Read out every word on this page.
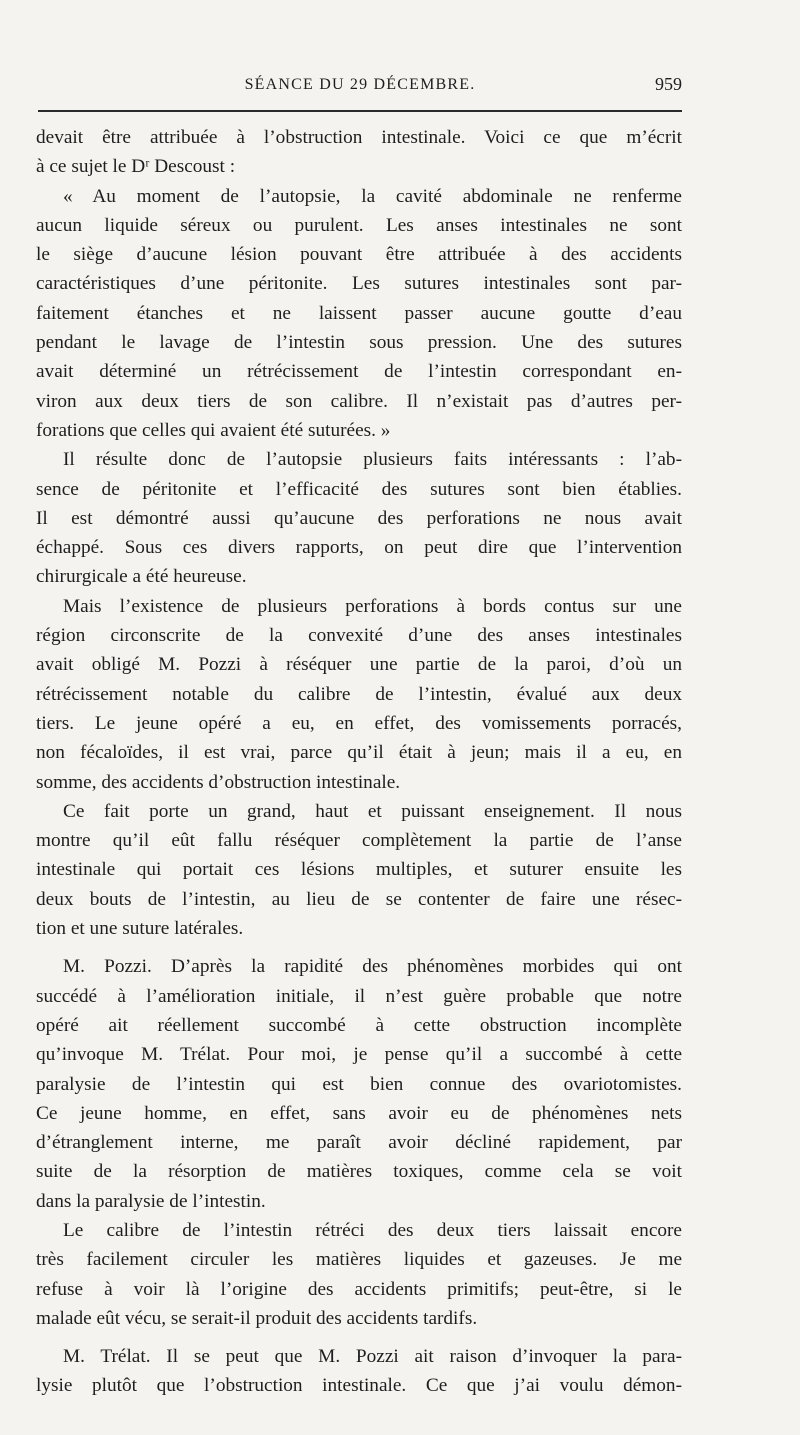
SÉANCE DU 29 DÉCEMBRE.	959
devait être attribuée à l’obstruction intestinale. Voici ce que m’écrit
à ce sujet le Dʳ Descoust :
« Au moment de l’autopsie, la cavité abdominale ne renferme
aucun liquide séreux ou purulent. Les anses intestinales ne sont
le siège d’aucune lésion pouvant être attribuée à des accidents
caractéristiques d’une péritonite. Les sutures intestinales sont par-
faitement étanches et ne laissent passer aucune goutte d’eau
pendant le lavage de l’intestin sous pression. Une des sutures
avait déterminé un rétrécissement de l’intestin correspondant en-
viron aux deux tiers de son calibre. Il n’existait pas d’autres per-
forations que celles qui avaient été suturées. »
Il résulte donc de l’autopsie plusieurs faits intéressants : l’ab-
sence de péritonite et l’efficacité des sutures sont bien établies.
Il est démontré aussi qu’aucune des perforations ne nous avait
échappé. Sous ces divers rapports, on peut dire que l’intervention
chirurgicale a été heureuse.
Mais l’existence de plusieurs perforations à bords contus sur une
région circonscrite de la convexité d’une des anses intestinales
avait obligé M. Pozzi à réséquer une partie de la paroi, d’où un
rétrécissement notable du calibre de l’intestin, évalué aux deux
tiers. Le jeune opéré a eu, en effet, des vomissements porracés,
non fécaloïdes, il est vrai, parce qu’il était à jeun; mais il a eu, en
somme, des accidents d’obstruction intestinale.
Ce fait porte un grand, haut et puissant enseignement. Il nous
montre qu’il eût fallu réséquer complètement la partie de l’anse
intestinale qui portait ces lésions multiples, et suturer ensuite les
deux bouts de l’intestin, au lieu de se contenter de faire une résec-
tion et une suture latérales.
M. Pozzi. D’après la rapidité des phénomènes morbides qui ont
succédé à l’amélioration initiale, il n’est guère probable que notre
opéré ait réellement succombé à cette obstruction incomplète
qu’invoque M. Trélat. Pour moi, je pense qu’il a succombé à cette
paralysie de l’intestin qui est bien connue des ovariotomistes.
Ce jeune homme, en effet, sans avoir eu de phénomènes nets
d’étranglement interne, me paraît avoir décliné rapidement, par
suite de la résorption de matières toxiques, comme cela se voit
dans la paralysie de l’intestin.
Le calibre de l’intestin rétréci des deux tiers laissait encore
très facilement circuler les matières liquides et gazeuses. Je me
refuse à voir là l’origine des accidents primitifs; peut-être, si le
malade eût vécu, se serait-il produit des accidents tardifs.
M. Trélat. Il se peut que M. Pozzi ait raison d’invoquer la para-
lysie plutôt que l’obstruction intestinale. Ce que j’ai voulu démon-
